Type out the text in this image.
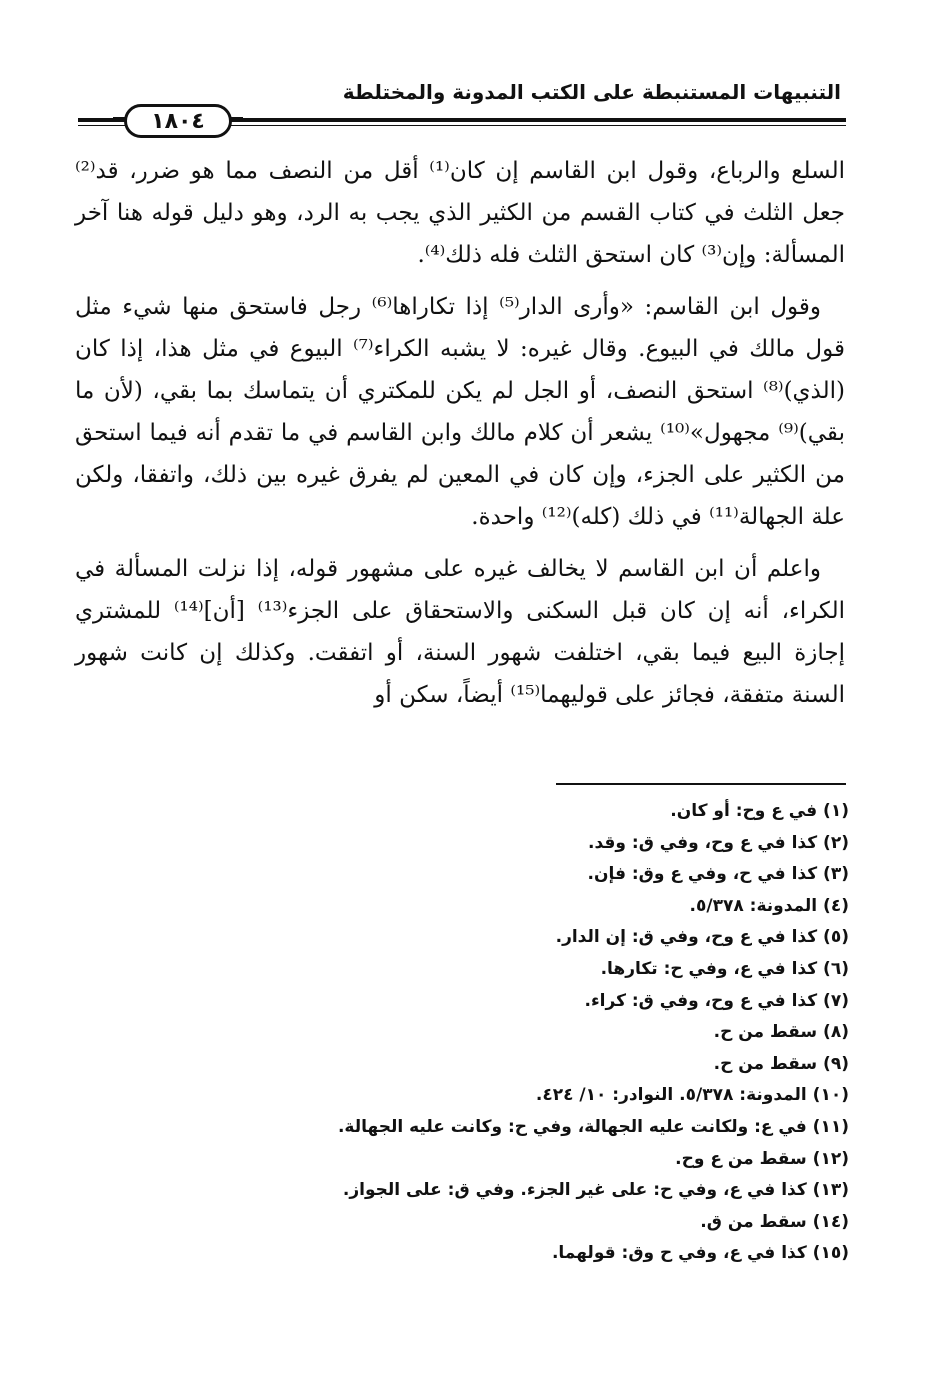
التنبيهات المستنبطة على الكتب المدونة والمختلطة
١٨٠٤

السلع والرباع، وقول ابن القاسم إن كان⁽¹⁾ أقل من النصف مما هو ضرر، قد⁽²⁾ جعل الثلث في كتاب القسم من الكثير الذي يجب به الرد، وهو دليل قوله هنا آخر المسألة: وإن⁽³⁾ كان استحق الثلث فله ذلك⁽⁴⁾.

وقول ابن القاسم: «وأرى الدار⁽⁵⁾ إذا تكاراها⁽⁶⁾ رجل فاستحق منها شيء مثل قول مالك في البيوع. وقال غيره: لا يشبه الكراء⁽⁷⁾ البيوع في مثل هذا، إذا كان (الذي)⁽⁸⁾ استحق النصف، أو الجل لم يكن للمكتري أن يتماسك بما بقي، (لأن ما بقي)⁽⁹⁾ مجهول»⁽¹⁰⁾ يشعر أن كلام مالك وابن القاسم في ما تقدم أنه فيما استحق من الكثير على الجزء، وإن كان في المعين لم يفرق غيره بين ذلك، واتفقا، ولكن علة الجهالة⁽¹¹⁾ في ذلك (كله)⁽¹²⁾ واحدة.

واعلم أن ابن القاسم لا يخالف غيره على مشهور قوله، إذا نزلت المسألة في الكراء، أنه إن كان قبل السكنى والاستحقاق على الجزء⁽¹³⁾ [أن]⁽¹⁴⁾ للمشتري إجازة البيع فيما بقي، اختلفت شهور السنة، أو اتفقت. وكذلك إن كانت شهور السنة متفقة، فجائز على قوليهما⁽¹⁵⁾ أيضاً، سكن أو

(١) في ع وح: أو كان.

(٢) كذا في ع وح، وفي ق: وقد.

(٣) كذا في ح، وفي ع وق: فإن.

(٤) المدونة: ٥/٣٧٨.

(٥) كذا في ع وح، وفي ق: إن الدار.

(٦) كذا في ع، وفي ح: تكارها.

(٧) كذا في ع وح، وفي ق: كراء.

(٨) سقط من ح.

(٩) سقط من ح.

(١٠) المدونة: ٥/٣٧٨. النوادر: ١٠/ ٤٢٤.

(١١) في ع: ولكانت عليه الجهالة، وفي ح: وكانت عليه الجهالة.

(١٢) سقط من ع وح.

(١٣) كذا في ع، وفي ح: على غير الجزء. وفي ق: على الجواز.

(١٤) سقط من ق.

(١٥) كذا في ع، وفي ح وق: قولهما.
